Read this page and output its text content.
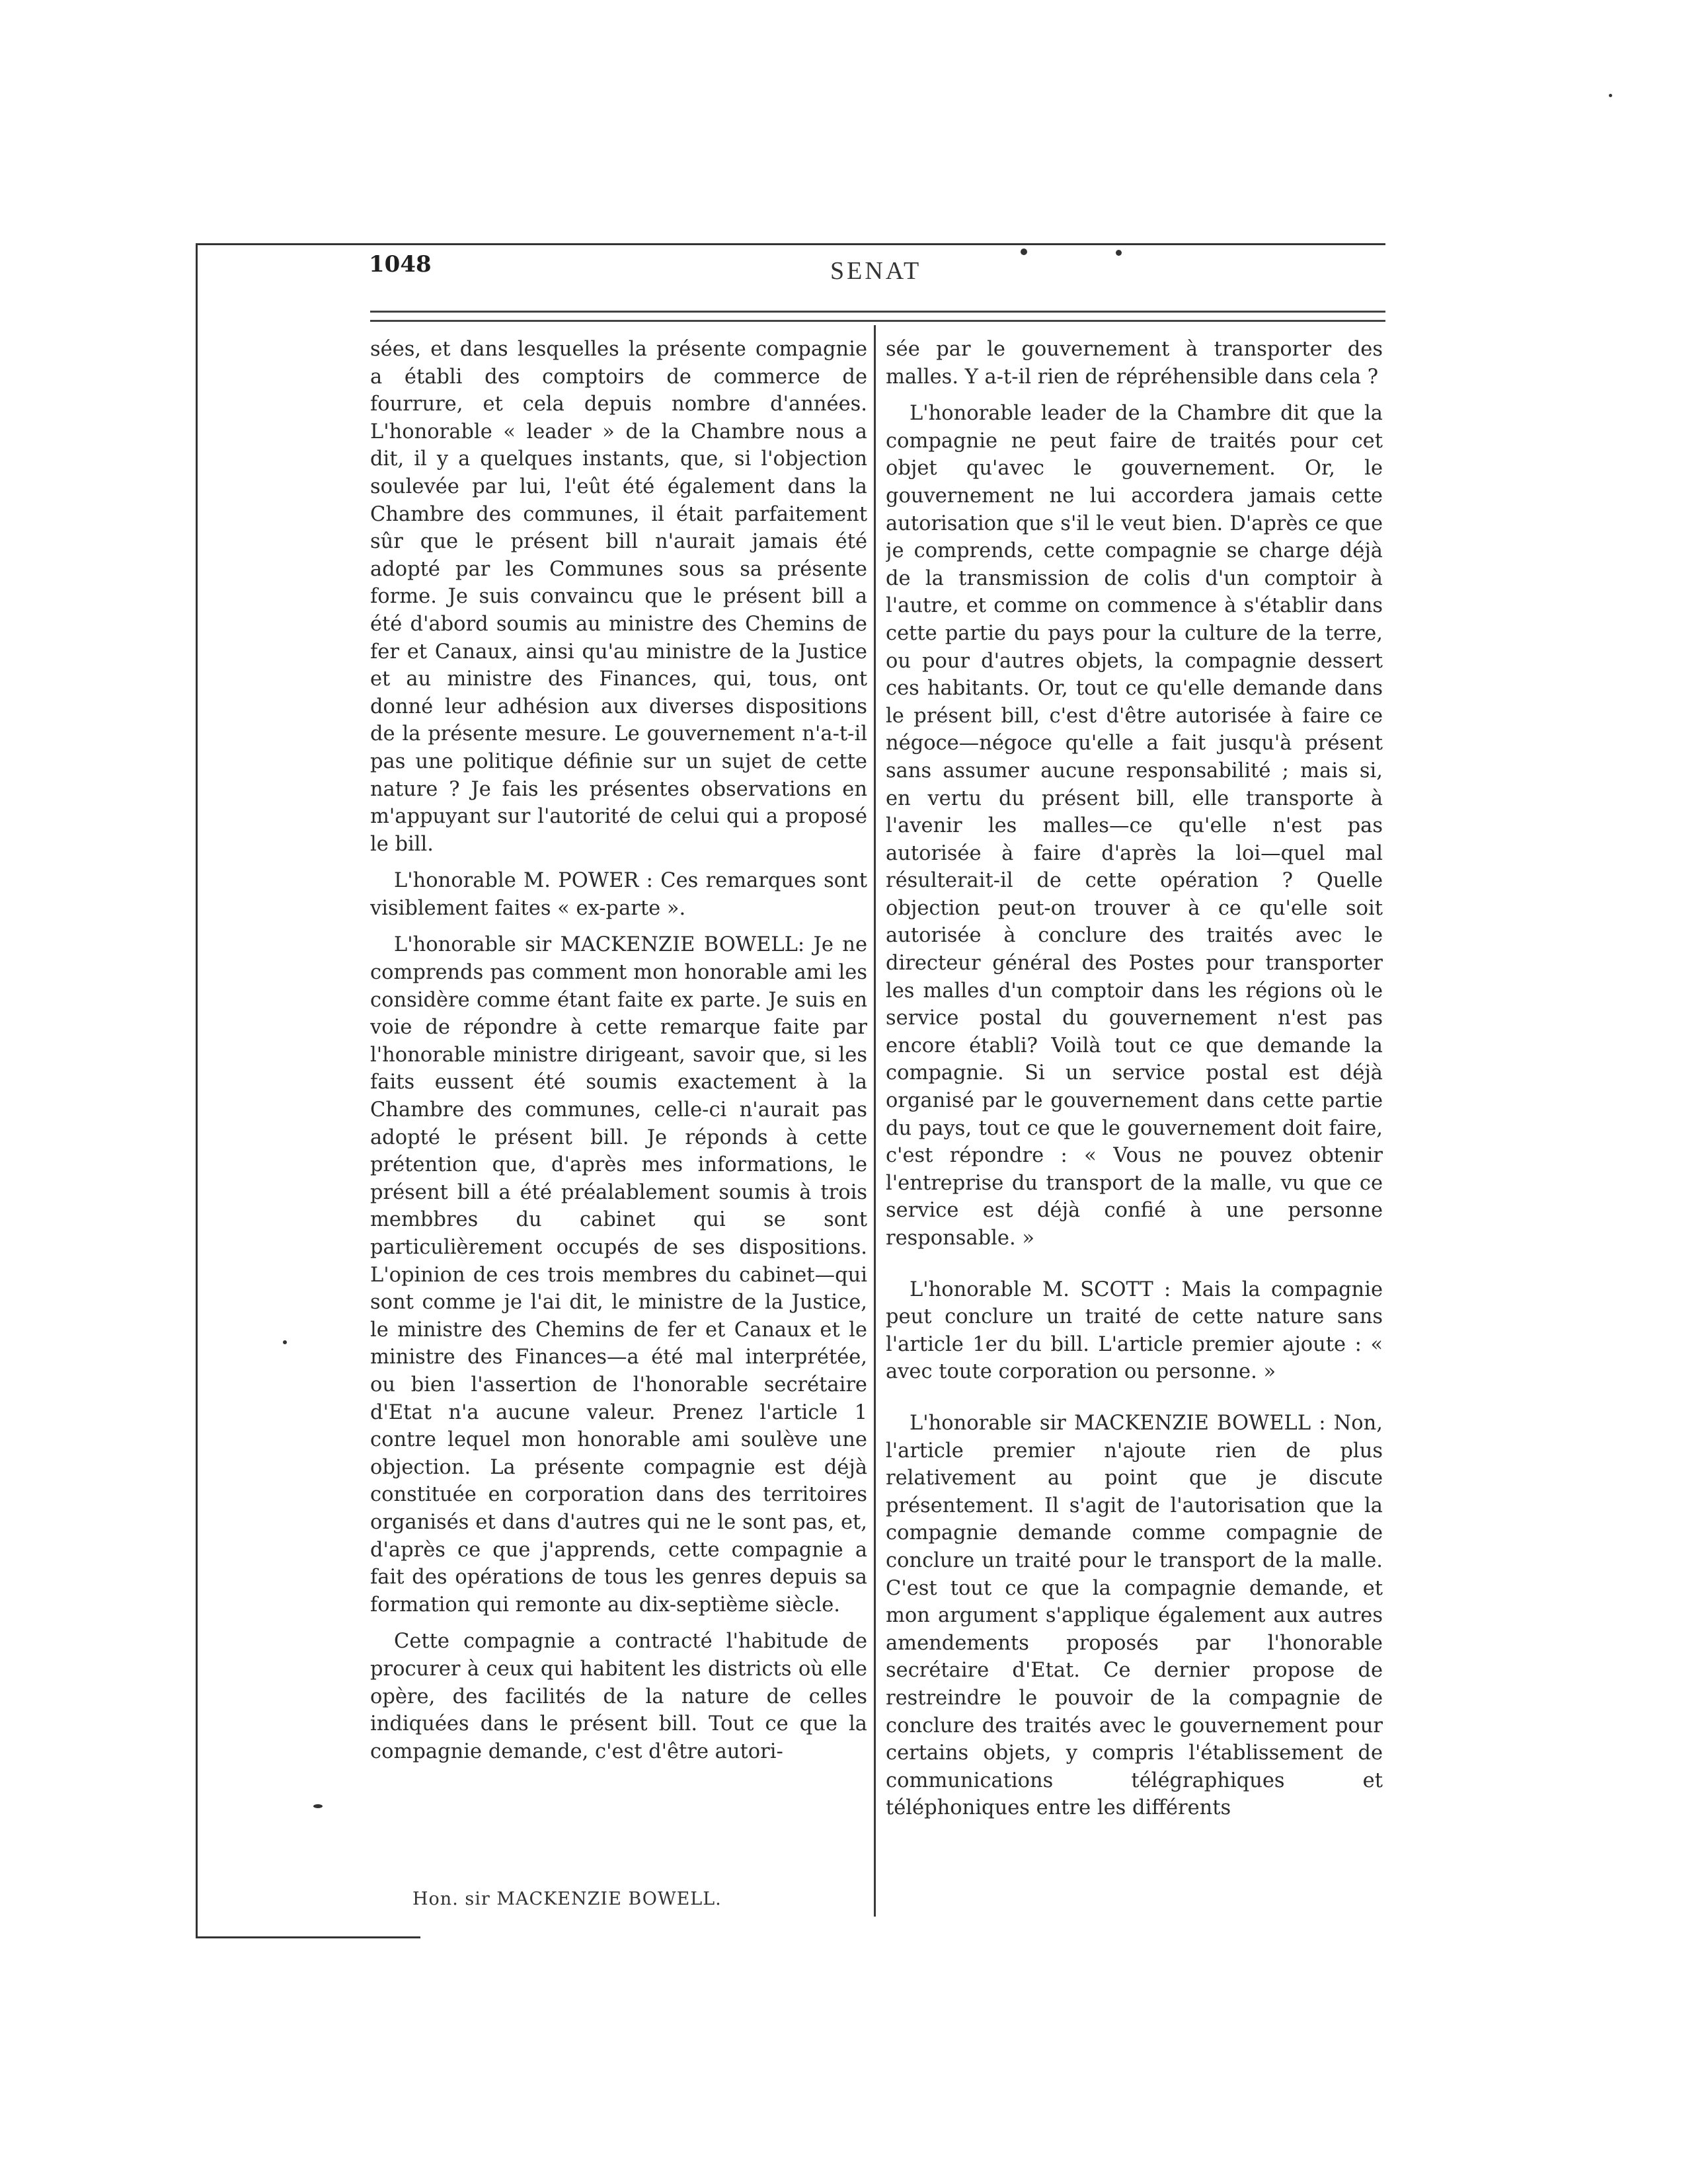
1048	SENAT

sées, et dans lesquelles la présente compagnie a établi des comptoirs de commerce de fourrure, et cela depuis nombre d'années. L'honorable « leader » de la Chambre nous a dit, il y a quelques instants, que, si l'objection soulevée par lui, l'eût été également dans la Chambre des communes, il était parfaitement sûr que le présent bill n'aurait jamais été adopté par les Communes sous sa présente forme. Je suis convaincu que le présent bill a été d'abord soumis au ministre des Chemins de fer et Canaux, ainsi qu'au ministre de la Justice et au ministre des Finances, qui, tous, ont donné leur adhésion aux diverses dispositions de la présente mesure. Le gouvernement n'a-t-il pas une politique définie sur un sujet de cette nature ? Je fais les présentes observations en m'appuyant sur l'autorité de celui qui a proposé le bill.

L'honorable M. POWER : Ces remarques sont visiblement faites « ex-parte ».

L'honorable sir MACKENZIE BOWELL: Je ne comprends pas comment mon honorable ami les considère comme étant faite ex parte. Je suis en voie de répondre à cette remarque faite par l'honorable ministre dirigeant, savoir que, si les faits eussent été soumis exactement à la Chambre des communes, celle-ci n'aurait pas adopté le présent bill. Je réponds à cette prétention que, d'après mes informations, le présent bill a été préalablement soumis à trois membbres du cabinet qui se sont particulièrement occupés de ses dispositions. L'opinion de ces trois membres du cabinet—qui sont comme je l'ai dit, le ministre de la Justice, le ministre des Chemins de fer et Canaux et le ministre des Finances—a été mal interprétée, ou bien l'assertion de l'honorable secrétaire d'Etat n'a aucune valeur. Prenez l'article 1 contre lequel mon honorable ami soulève une objection. La présente compagnie est déjà constituée en corporation dans des territoires organisés et dans d'autres qui ne le sont pas, et, d'après ce que j'apprends, cette compagnie a fait des opérations de tous les genres depuis sa formation qui remonte au dix-septième siècle.

Cette compagnie a contracté l'habitude de procurer à ceux qui habitent les districts où elle opère, des facilités de la nature de celles indiquées dans le présent bill. Tout ce que la compagnie demande, c'est d'être autori-

sée par le gouvernement à transporter des malles. Y a-t-il rien de répréhensible dans cela ?

L'honorable leader de la Chambre dit que la compagnie ne peut faire de traités pour cet objet qu'avec le gouvernement. Or, le gouvernement ne lui accordera jamais cette autorisation que s'il le veut bien. D'après ce que je comprends, cette compagnie se charge déjà de la transmission de colis d'un comptoir à l'autre, et comme on commence à s'établir dans cette partie du pays pour la culture de la terre, ou pour d'autres objets, la compagnie dessert ces habitants. Or, tout ce qu'elle demande dans le présent bill, c'est d'être autorisée à faire ce négoce—négoce qu'elle a fait jusqu'à présent sans assumer aucune responsabilité ; mais si, en vertu du présent bill, elle transporte à l'avenir les malles—ce qu'elle n'est pas autorisée à faire d'après la loi—quel mal résulterait-il de cette opération ? Quelle objection peut-on trouver à ce qu'elle soit autorisée à conclure des traités avec le directeur général des Postes pour transporter les malles d'un comptoir dans les régions où le service postal du gouvernement n'est pas encore établi? Voilà tout ce que demande la compagnie. Si un service postal est déjà organisé par le gouvernement dans cette partie du pays, tout ce que le gouvernement doit faire, c'est répondre : « Vous ne pouvez obtenir l'entreprise du transport de la malle, vu que ce service est déjà confié à une personne responsable. »

L'honorable M. SCOTT : Mais la compagnie peut conclure un traité de cette nature sans l'article 1er du bill. L'article premier ajoute : « avec toute corporation ou personne. »

L'honorable sir MACKENZIE BOWELL : Non, l'article premier n'ajoute rien de plus relativement au point que je discute présentement. Il s'agit de l'autorisation que la compagnie demande comme compagnie de conclure un traité pour le transport de la malle. C'est tout ce que la compagnie demande, et mon argument s'applique également aux autres amendements proposés par l'honorable secrétaire d'Etat. Ce dernier propose de restreindre le pouvoir de la compagnie de conclure des traités avec le gouvernement pour certains objets, y compris l'établissement de communications télégraphiques et téléphoniques entre les différents

Hon. sir MACKENZIE BOWELL.
